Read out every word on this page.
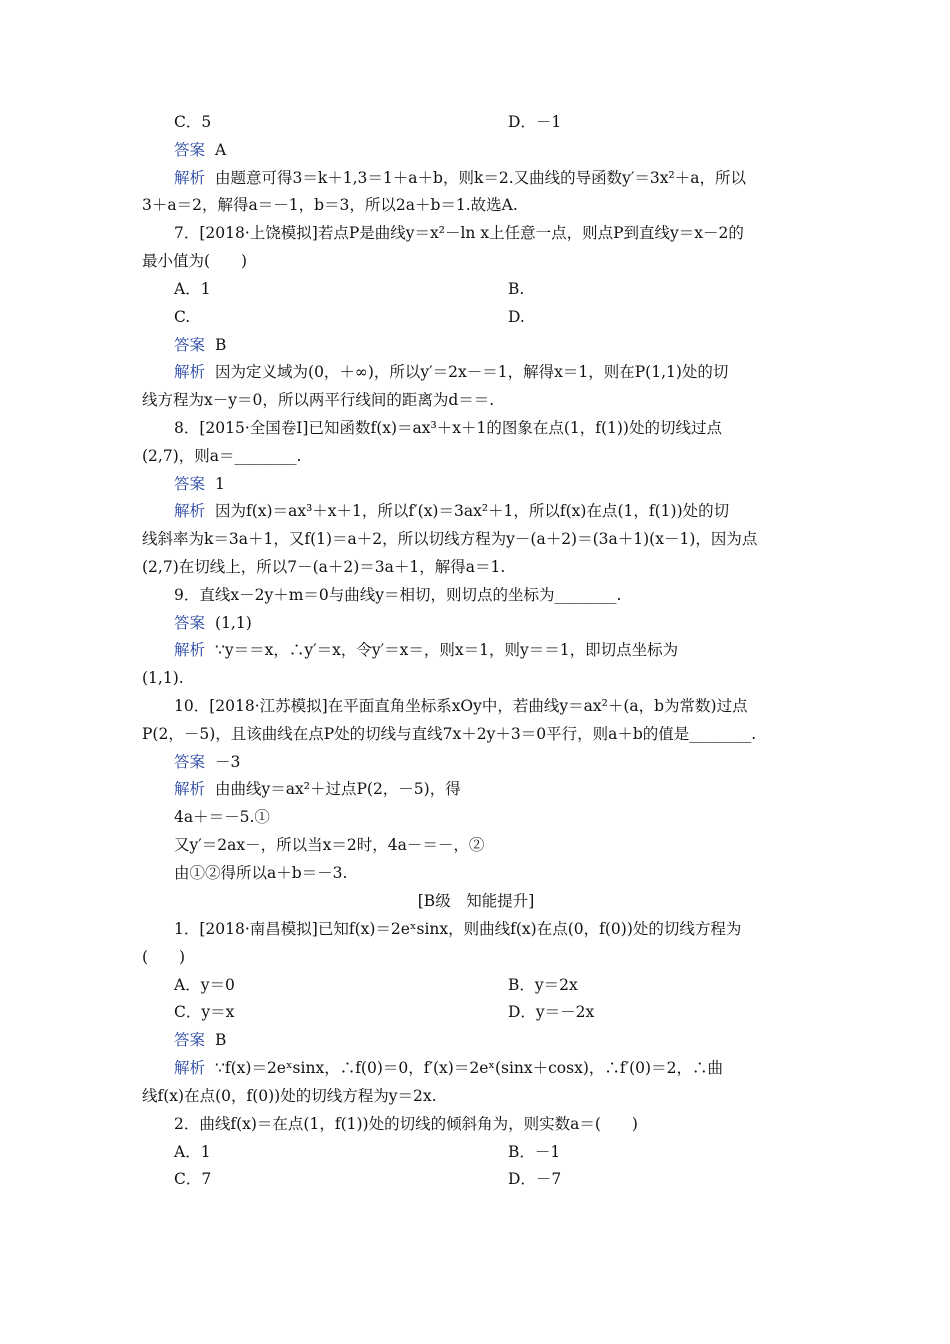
C．5	D．－1
答案 A
解析 由题意可得3＝k＋1,3＝1＋a＋b，则k＝2.又曲线的导函数y′＝3x²＋a，所以
3＋a＝2，解得a＝－1，b＝3，所以2a＋b＝1.故选A.
7．[2018·上饶模拟]若点P是曲线y＝x²－ln x上任意一点，则点P到直线y＝x－2的
最小值为(　　)
A．1	B.
C.	D.
答案 B
解析 因为定义域为(0，＋∞)，所以y′＝2x－＝1，解得x＝1，则在P(1,1)处的切
线方程为x－y＝0，所以两平行线间的距离为d＝＝.
8．[2015·全国卷Ⅰ]已知函数f(x)＝ax³＋x＋1的图象在点(1，f(1))处的切线过点
(2,7)，则a＝________.
答案 1
解析 因为f(x)＝ax³＋x＋1，所以f′(x)＝3ax²＋1，所以f(x)在点(1，f(1))处的切
线斜率为k＝3a＋1，又f(1)＝a＋2，所以切线方程为y－(a＋2)＝(3a＋1)(x－1)，因为点
(2,7)在切线上，所以7－(a＋2)＝3a＋1，解得a＝1.
9．直线x－2y＋m＝0与曲线y＝相切，则切点的坐标为________.
答案 (1,1)
解析 ∵y＝＝x，∴y′＝x，令y′＝x＝，则x＝1，则y＝＝1，即切点坐标为
(1,1).
10．[2018·江苏模拟]在平面直角坐标系xOy中，若曲线y＝ax²＋(a，b为常数)过点
P(2，－5)，且该曲线在点P处的切线与直线7x＋2y＋3＝0平行，则a＋b的值是________.
答案 －3
解析 由曲线y＝ax²＋过点P(2，－5)，得
4a＋＝－5.①
又y′＝2ax－，所以当x＝2时，4a－＝－，②
由①②得所以a＋b＝－3.
[B级　知能提升]
1．[2018·南昌模拟]已知f(x)＝2eˣsinx，则曲线f(x)在点(0，f(0))处的切线方程为
(　　)
A．y＝0	B．y＝2x
C．y＝x	D．y＝－2x
答案 B
解析 ∵f(x)＝2eˣsinx，∴f(0)＝0，f′(x)＝2eˣ(sinx＋cosx)，∴f′(0)＝2，∴曲
线f(x)在点(0，f(0))处的切线方程为y＝2x.
2．曲线f(x)＝在点(1，f(1))处的切线的倾斜角为，则实数a＝(　　)
A．1	B．－1
C．7	D．－7
